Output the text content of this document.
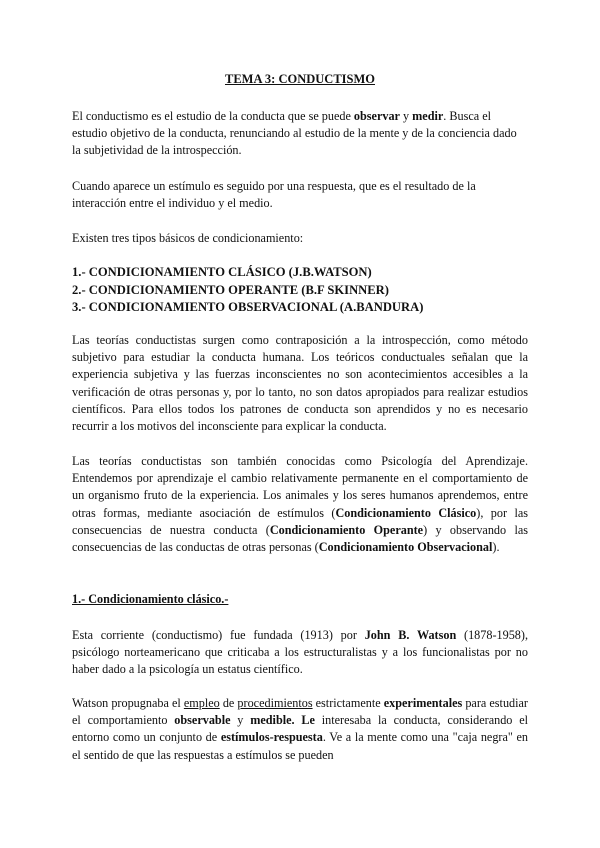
TEMA 3: CONDUCTISMO

El conductismo es el estudio de la conducta que se puede observar y medir. Busca el estudio objetivo de la conducta, renunciando al estudio de la mente y de la conciencia dado la subjetividad de la introspección.

Cuando aparece un estímulo es seguido por una respuesta, que es el resultado de la interacción entre el individuo y el medio.

Existen tres tipos básicos de condicionamiento:

1.- CONDICIONAMIENTO CLÁSICO (J.B.WATSON)
2.- CONDICIONAMIENTO OPERANTE (B.F SKINNER)
3.- CONDICIONAMIENTO OBSERVACIONAL (A.BANDURA)

Las teorías conductistas surgen como contraposición a la introspección, como método subjetivo para estudiar la conducta humana. Los teóricos conductuales señalan que la experiencia subjetiva y las fuerzas inconscientes no son acontecimientos accesibles a la verificación de otras personas y, por lo tanto, no son datos apropiados para realizar estudios científicos. Para ellos todos los patrones de conducta son aprendidos y no es necesario recurrir a los motivos del inconsciente para explicar la conducta.

Las teorías conductistas son también conocidas como Psicología del Aprendizaje. Entendemos por aprendizaje el cambio relativamente permanente en el comportamiento de un organismo fruto de la experiencia. Los animales y los seres humanos aprendemos, entre otras formas, mediante asociación de estímulos (Condicionamiento Clásico), por las consecuencias de nuestra conducta (Condicionamiento Operante) y observando las consecuencias de las conductas de otras personas (Condicionamiento Observacional).

1.- Condicionamiento clásico.-

Esta corriente (conductismo) fue fundada (1913) por John B. Watson (1878-1958), psicólogo norteamericano que criticaba a los estructuralistas y a los funcionalistas por no haber dado a la psicología un estatus científico.

Watson propugnaba el empleo de procedimientos estrictamente experimentales para estudiar el comportamiento observable y medible. Le interesaba la conducta, considerando el entorno como un conjunto de estímulos-respuesta. Ve a la mente como una "caja negra" en el sentido de que las respuestas a estímulos se pueden
